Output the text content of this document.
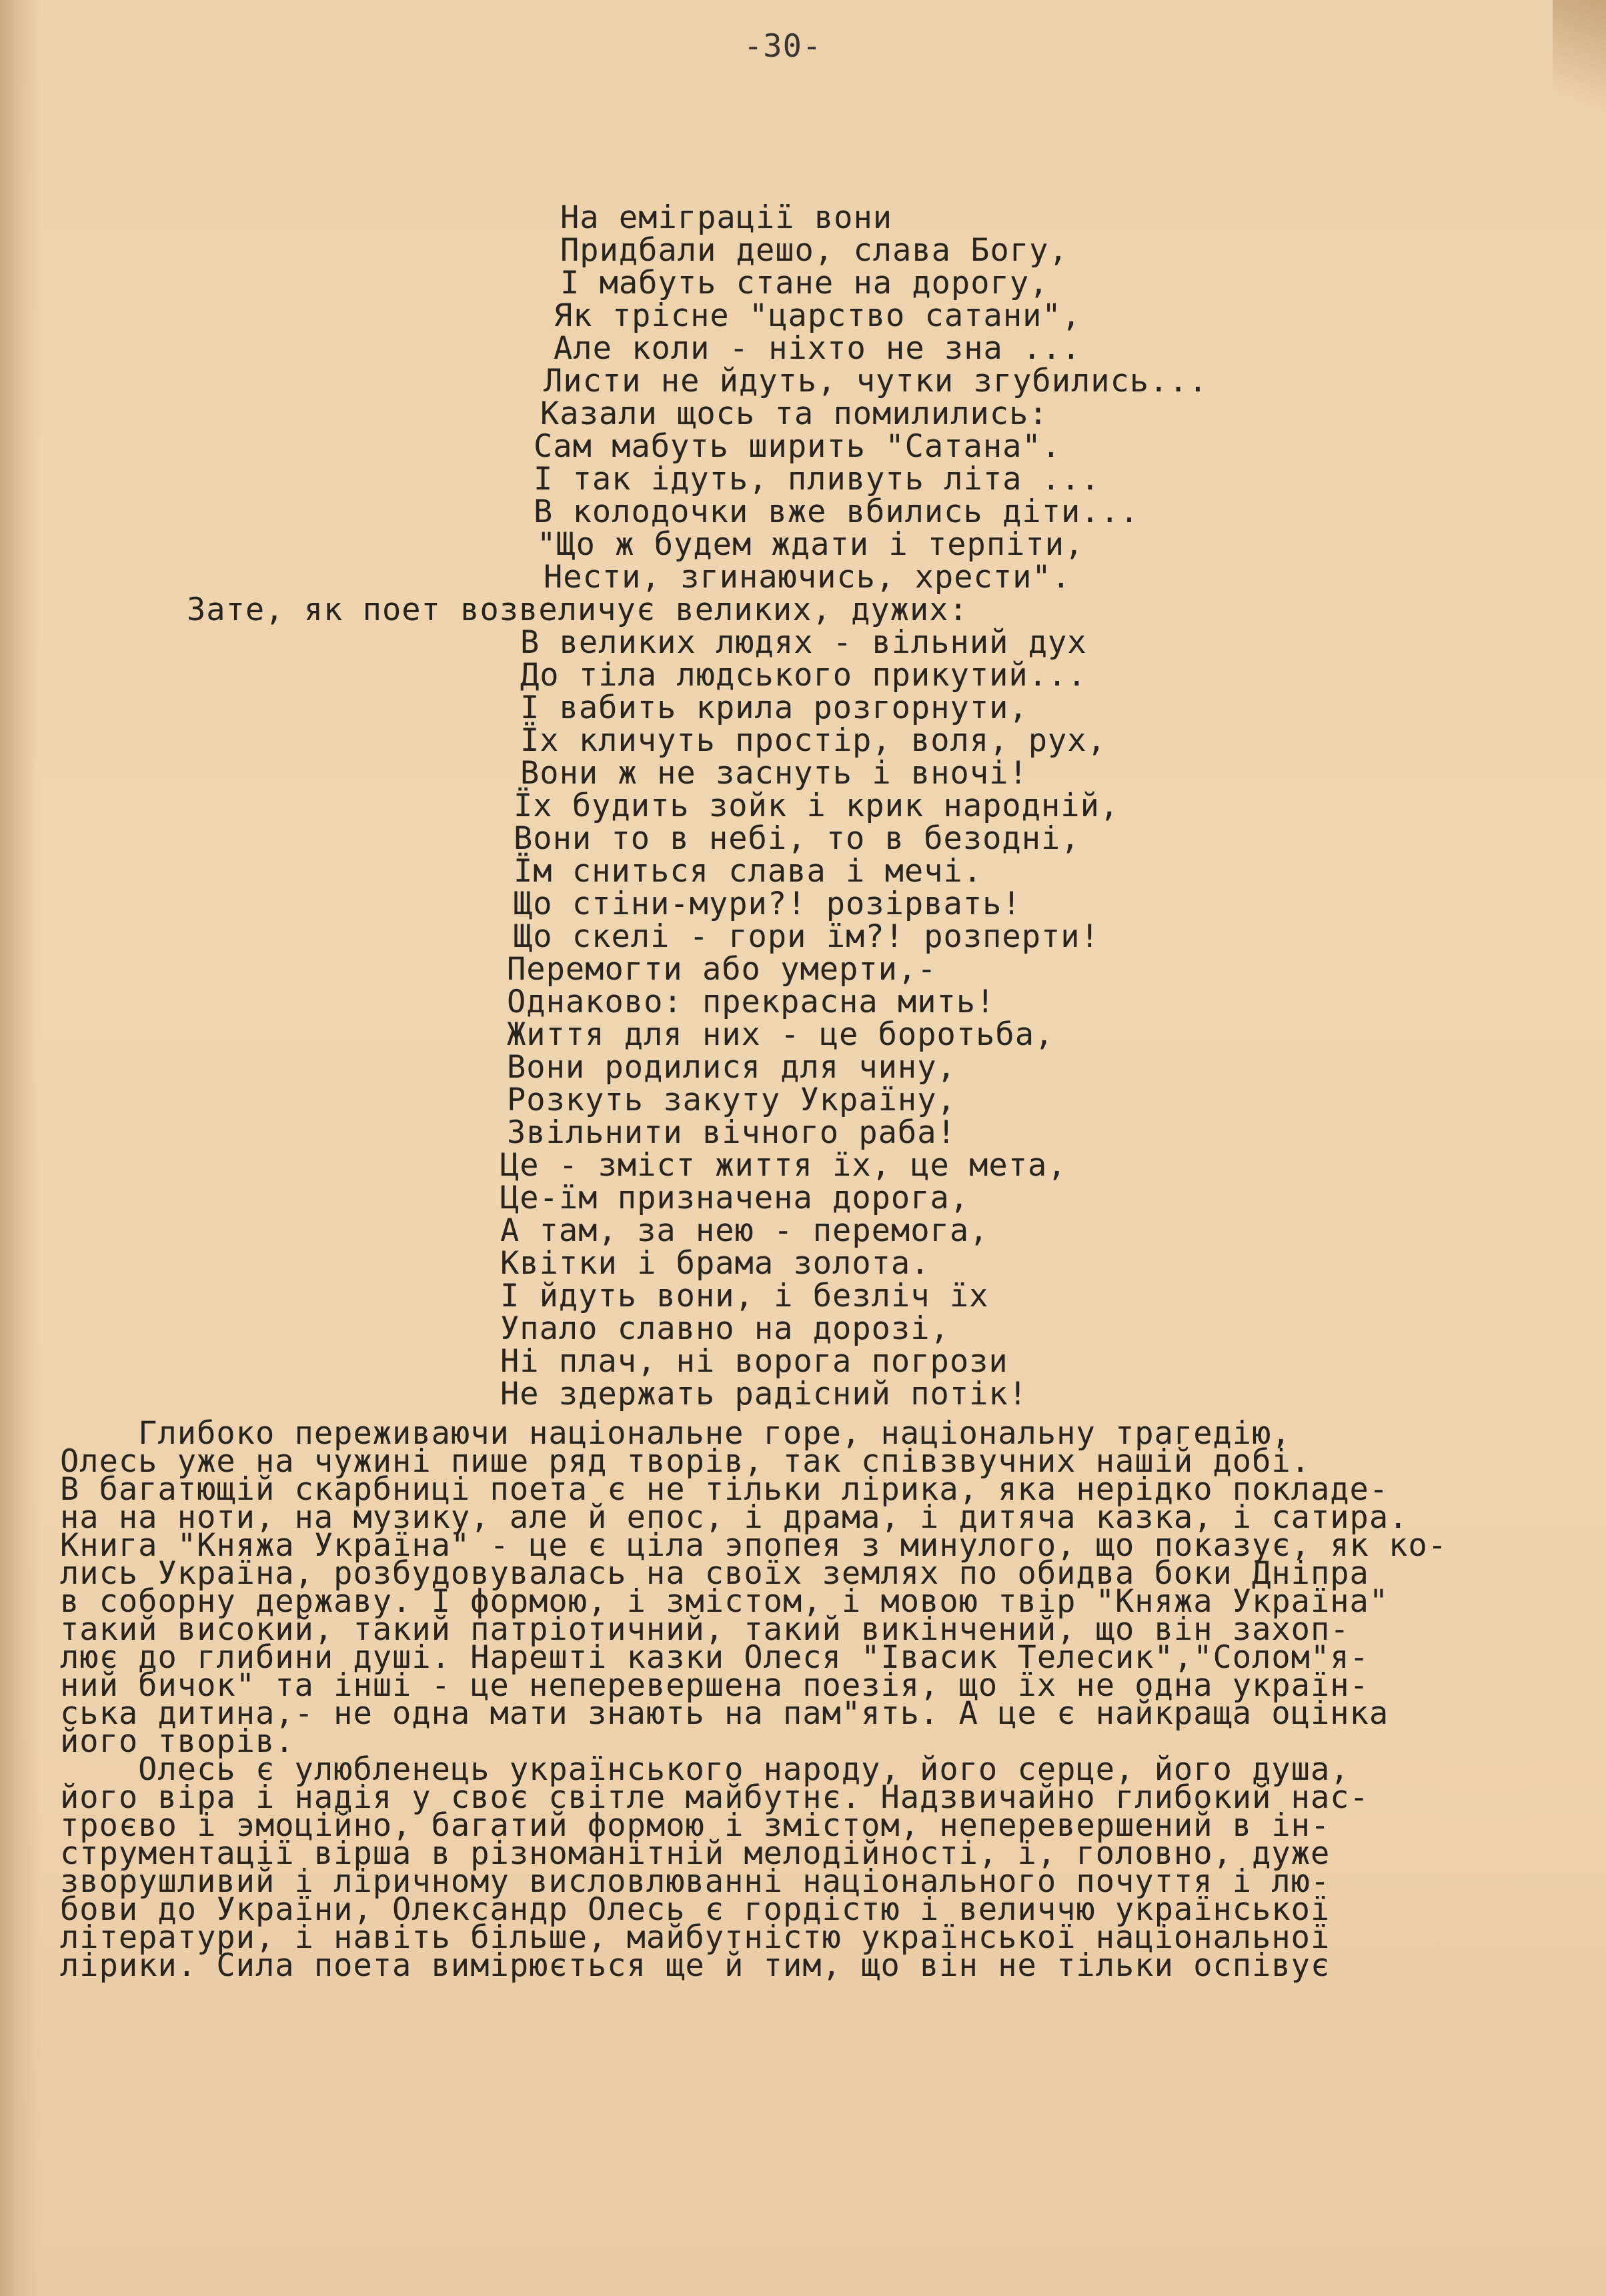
-30-
На еміграції вони
Придбали дешо, слава Богу,
І мабуть стане на дорогу,
Як трісне "царство сатани",
Але коли - ніхто не зна ...
Листи не йдуть, чутки згубились...
Казали щось та помилились:
Сам мабуть ширить "Сатана".
І так ідуть, пливуть літа ...
В колодочки вже вбились діти...
"Що ж будем ждати і терпіти,
Нести, згинаючись, хрести".
Зате, як поет возвеличує великих, дужих:
В великих людях - вільний дух
До тіла людського прикутий...
І вабить крила розгорнути,
Їх кличуть простір, воля, рух,
Вони ж не заснуть і вночі!
Їх будить зойк і крик народній,
Вони то в небі, то в безодні,
Їм сниться слава і мечі.
Що стіни-мури?! розірвать!
Що скелі - гори їм?! розперти!
Перемогти або умерти,-
Однаково: прекрасна мить!
Життя для них - це боротьба,
Вони родилися для чину,
Розкуть закуту Україну,
Звільнити вічного раба!
Це - зміст життя їх, це мета,
Це-їм призначена дорога,
А там, за нею - перемога,
Квітки і брама золота.
І йдуть вони, і безліч їх
Упало славно на дорозі,
Ні плач, ні ворога погрози
Не здержать радісний потік!
Глибоко переживаючи національне горе, національну трагедію,
Олесь уже на чужині пише ряд творів, так співзвучних нашій добі.
В багатющій скарбниці поета є не тільки лірика, яка нерідко покладе-
на на ноти, на музику, але й епос, і драма, і дитяча казка, і сатира.
Книга "Княжа Україна" - це є ціла эпопея з минулого, що показує, як ко-
лись Україна, розбудовувалась на своїх землях по обидва боки Дніпра
в соборну державу. І формою, і змістом, і мовою твір "Княжа Україна"
такий високий, такий патріотичний, такий викінчений, що він захоп-
лює до глибини душі. Нарешті казки Олеся "Івасик Телесик","Солом"я-
ний бичок" та інші - це неперевершена поезія, що їх не одна україн-
ська дитина,- не одна мати знають на пам"ять. А це є найкраща оцінка
його творів.
Олесь є улюбленець українського народу, його серце, його душа,
його віра і надія у своє світле майбутнє. Надзвичайно глибокий нас-
троєво і эмоційно, багатий формою і змістом, неперевершений в ін-
струментації вірша в різноманітній мелодійності, і, головно, дуже
зворушливий і ліричному висловлюванні національного почуття і лю-
бови до України, Олександр Олесь є гордістю і величчю української
літератури, і навіть більше, майбутністю української національної
лірики. Сила поета вимірюється ще й тим, що він не тільки оспівує
